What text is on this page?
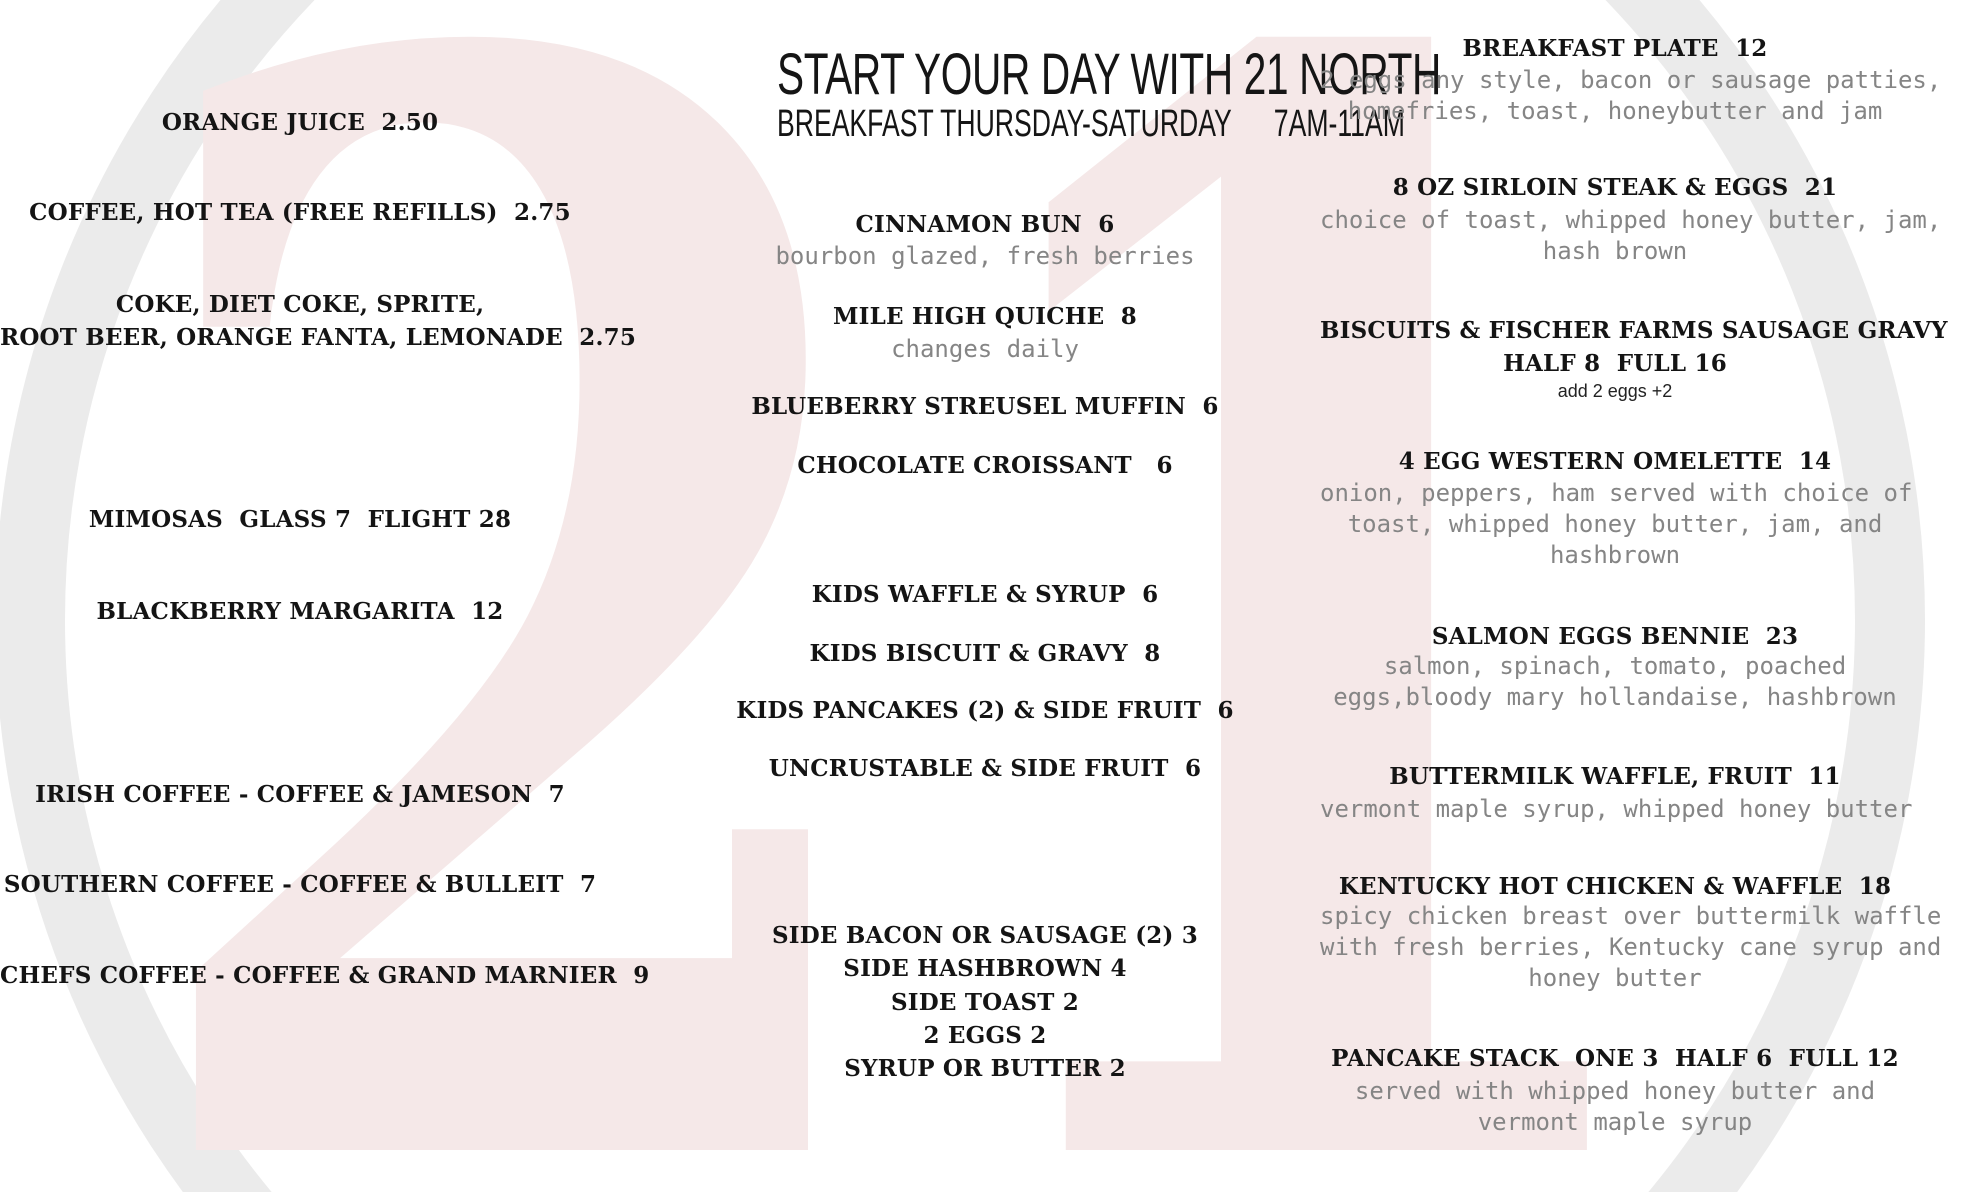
21
START YOUR DAY WITH 21 NORTH
BREAKFAST THURSDAY-SATURDAY 7AM-11AM

ORANGE JUICE  2.50

COFFEE, HOT TEA (FREE REFILLS)  2.75

COKE, DIET COKE, SPRITE,

ROOT BEER, ORANGE FANTA, LEMONADE  2.75

MIMOSAS  GLASS 7  FLIGHT 28

BLACKBERRY MARGARITA  12

IRISH COFFEE - COFFEE & JAMESON  7

SOUTHERN COFFEE - COFFEE & BULLEIT  7

CHEFS COFFEE - COFFEE & GRAND MARNIER  9

CINNAMON BUN  6

bourbon glazed, fresh berries

MILE HIGH QUICHE  8

changes daily

BLUEBERRY STREUSEL MUFFIN  6

CHOCOLATE CROISSANT   6

KIDS WAFFLE & SYRUP  6

KIDS BISCUIT & GRAVY  8

KIDS PANCAKES (2) & SIDE FRUIT  6

UNCRUSTABLE & SIDE FRUIT  6

SIDE BACON OR SAUSAGE (2) 3

SIDE HASHBROWN 4

SIDE TOAST 2

2 EGGS 2

SYRUP OR BUTTER 2

BREAKFAST PLATE  12

2 eggs any style, bacon or sausage patties,

homefries, toast, honeybutter and jam

8 OZ SIRLOIN STEAK & EGGS  21

choice of toast, whipped honey butter, jam,

hash brown

BISCUITS & FISCHER FARMS SAUSAGE GRAVY

HALF 8  FULL 16

add 2 eggs +2

4 EGG WESTERN OMELETTE  14

onion, peppers, ham served with choice of

toast, whipped honey butter, jam, and

hashbrown

SALMON EGGS BENNIE  23

salmon, spinach, tomato, poached

eggs,bloody mary hollandaise, hashbrown

BUTTERMILK WAFFLE, FRUIT  11

vermont maple syrup, whipped honey butter

KENTUCKY HOT CHICKEN & WAFFLE  18

spicy chicken breast over buttermilk waffle

with fresh berries, Kentucky cane syrup and

honey butter

PANCAKE STACK  ONE 3  HALF 6  FULL 12

served with whipped honey butter and

vermont maple syrup
